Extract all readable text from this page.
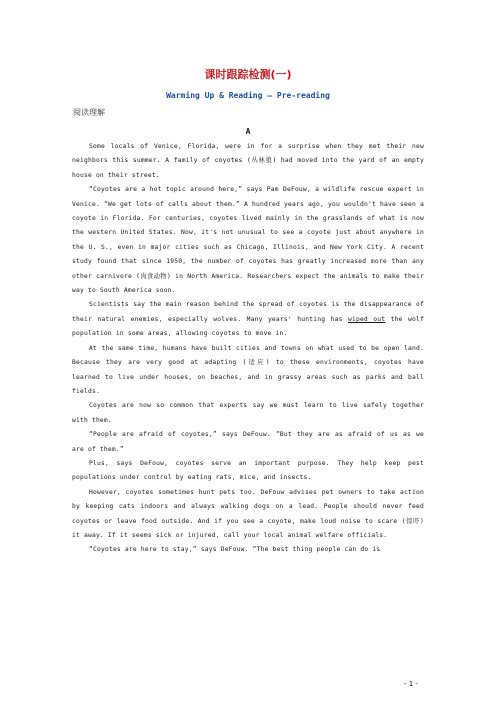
课时跟踪检测(一)
Warming Up & Reading — Pre-reading
阅读理解
A

Some locals of Venice, Florida, were in for a surprise when they met their new neighbors this summer. A family of coyotes (丛林狼) had moved into the yard of an empty house on their street.

“Coyotes are a hot topic around here,” says Pam DeFouw, a wildlife rescue expert in Venice. “We get lots of calls about them.” A hundred years ago, you wouldn't have seen a coyote in Florida. For centuries, coyotes lived mainly in the grasslands of what is now the western United States. Now, it's not unusual to see a coyote just about anywhere in the U. S., even in major cities such as Chicago, Illinois, and New York City. A recent study found that since 1950, the number of coyotes has greatly increased more than any other carnivore (肉食动物) in North America. Researchers expect the animals to make their way to South America soon.

Scientists say the main reason behind the spread of coyotes is the disappearance of their natural enemies, especially wolves. Many years' hunting has wiped out the wolf population in some areas, allowing coyotes to move in.

At the same time, humans have built cities and towns on what used to be open land. Because they are very good at adapting (适应) to these environments, coyotes have learned to live under houses, on beaches, and in grassy areas such as parks and ball fields.

Coyotes are now so common that experts say we must learn to live safely together with them.

“People are afraid of coyotes,” says DeFouw. “But they are as afraid of us as we are of them.”

Plus, says DeFouw, coyotes serve an important purpose. They help keep pest populations under control by eating rats, mice, and insects.

However, coyotes sometimes hunt pets too. DeFouw advises pet owners to take action by keeping cats indoors and always walking dogs on a lead. People should never feed coyotes or leave food outside. And if you see a coyote, make loud noise to scare (惊吓) it away. If it seems sick or injured, call your local animal welfare officials.

“Coyotes are here to stay,” says DeFouw. “The best thing people can do is

- 1 -
